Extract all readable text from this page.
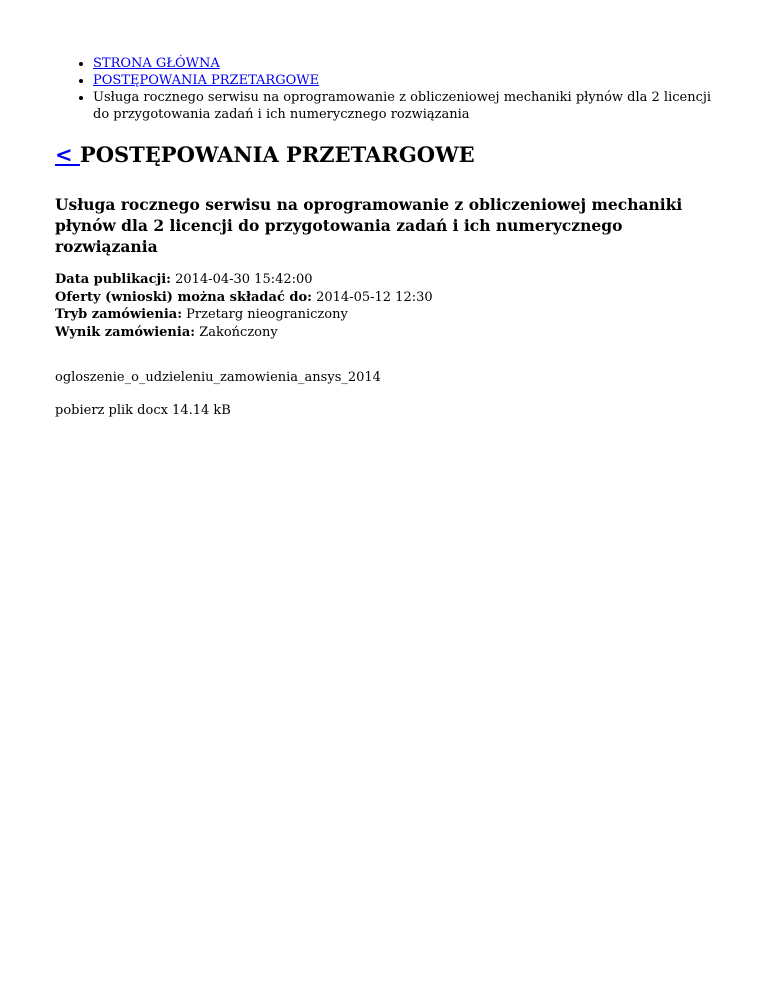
• STRONA GŁÓWNA
• POSTĘPOWANIA PRZETARGOWE
• Usługa rocznego serwisu na oprogramowanie z obliczeniowej mechaniki płynów dla 2 licencji do przygotowania zadań i ich numerycznego rozwiązania
< POSTĘPOWANIA PRZETARGOWE
Usługa rocznego serwisu na oprogramowanie z obliczeniowej mechaniki płynów dla 2 licencji do przygotowania zadań i ich numerycznego rozwiązania
Data publikacji: 2014-04-30 15:42:00
Oferty (wnioski) można składać do: 2014-05-12 12:30
Tryb zamówienia: Przetarg nieograniczony
Wynik zamówienia: Zakończony
ogloszenie_o_udzieleniu_zamowienia_ansys_2014
pobierz plik docx 14.14 kB
